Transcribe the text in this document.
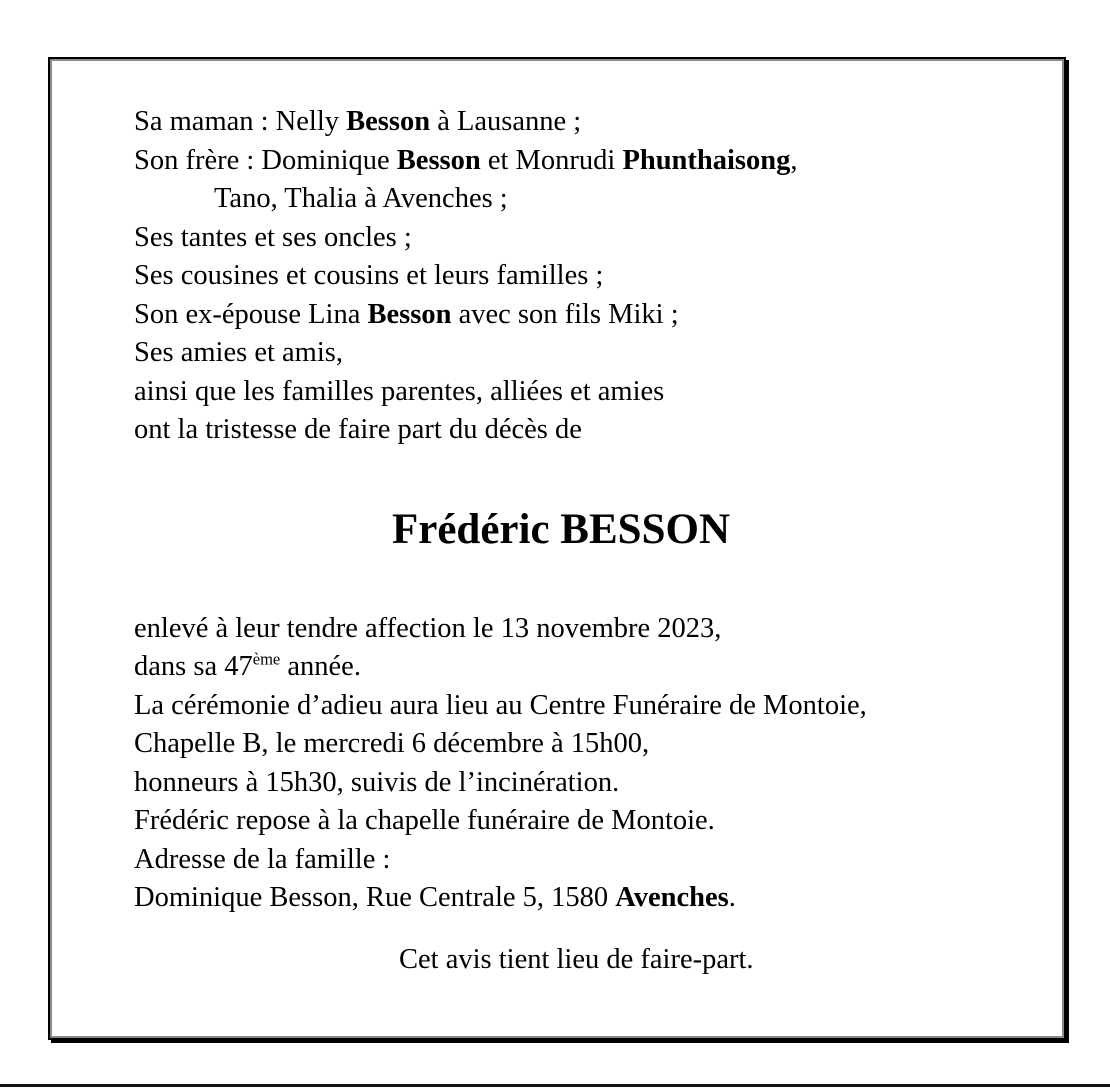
Sa maman : Nelly Besson à Lausanne ;
Son frère : Dominique Besson et Monrudi Phunthaisong,
Tano, Thalia à Avenches ;
Ses tantes et ses oncles ;
Ses cousines et cousins et leurs familles ;
Son ex-épouse Lina Besson avec son fils Miki ;
Ses amies et amis,
ainsi que les familles parentes, alliées et amies
ont la tristesse de faire part du décès de
Frédéric BESSON
enlevé à leur tendre affection le 13 novembre 2023,
dans sa 47ème année.
La cérémonie d’adieu aura lieu au Centre Funéraire de Montoie,
Chapelle B, le mercredi 6 décembre à 15h00,
honneurs à 15h30, suivis de l’incinération.
Frédéric repose à la chapelle funéraire de Montoie.
Adresse de la famille :
Dominique Besson, Rue Centrale 5, 1580 Avenches.

Cet avis tient lieu de faire-part.
